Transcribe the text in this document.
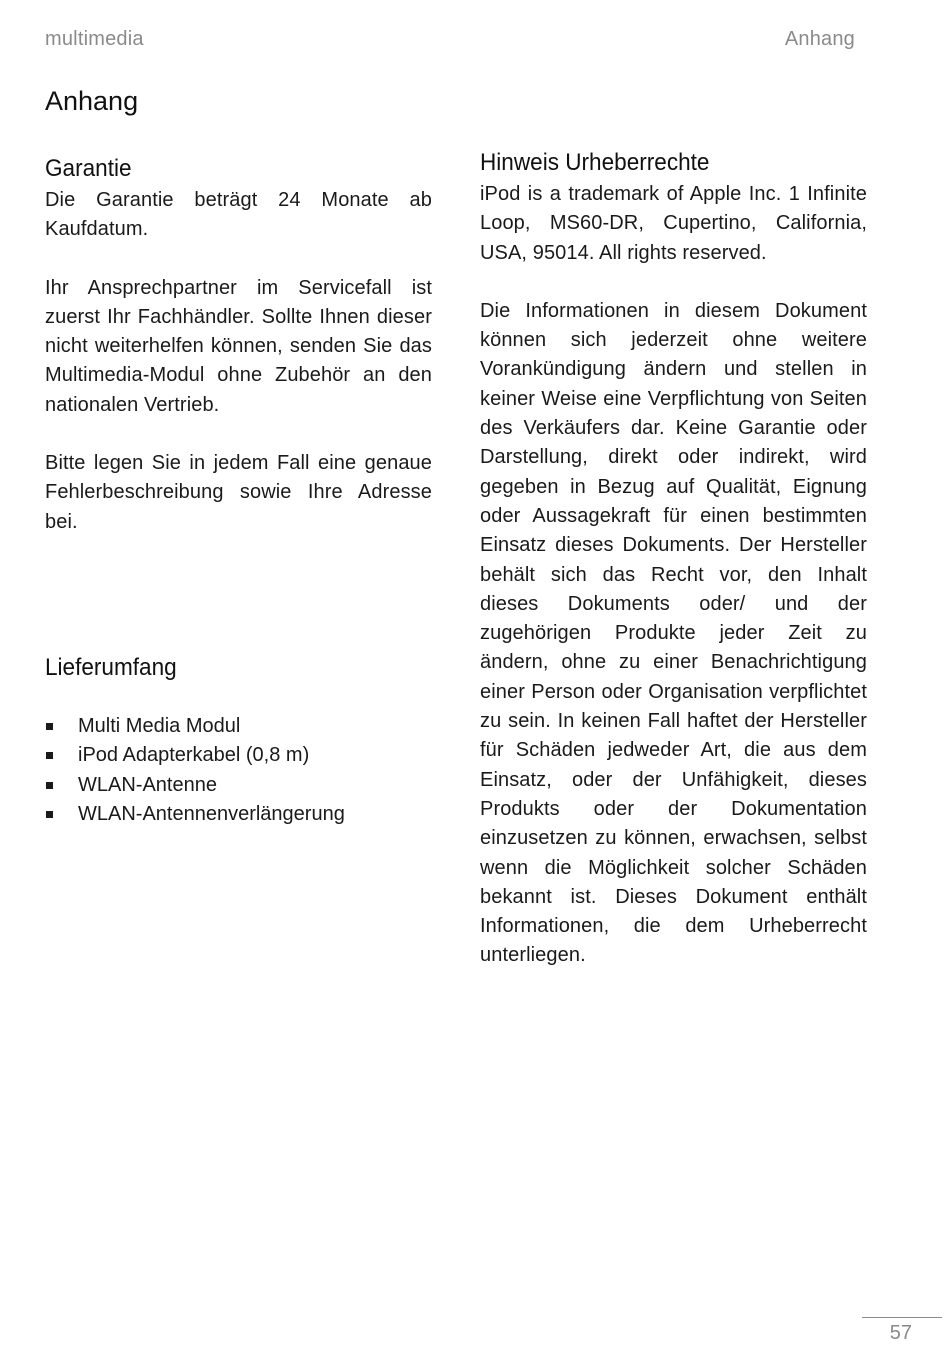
multimedia	Anhang
Anhang
Garantie

Die Garantie beträgt 24 Monate ab Kaufdatum.

Ihr Ansprechpartner im Servicefall ist zuerst Ihr Fachhändler. Sollte Ihnen dieser nicht weiterhelfen können, senden Sie das Multimedia-Modul ohne Zubehör an den nationalen Vertrieb.

Bitte legen Sie in jedem Fall eine genaue Fehlerbeschreibung sowie Ihre Adresse bei.

Lieferumfang
Multi Media Modul
iPod Adapterkabel (0,8 m)
WLAN-Antenne
WLAN-Antennenverlängerung
Hinweis Urheberrechte

iPod is a trademark of Apple Inc. 1 Infinite Loop, MS60-DR, Cupertino, California, USA, 95014. All rights reserved.

Die Informationen in diesem Dokument können sich jederzeit ohne weitere Vorankündigung ändern und stellen in keiner Weise eine Verpflichtung von Seiten des Verkäufers dar. Keine Garantie oder Darstellung, direkt oder indirekt, wird gegeben in Bezug auf Qualität, Eignung oder Aussagekraft für einen bestimmten Einsatz dieses Dokuments. Der Hersteller behält sich das Recht vor, den Inhalt dieses Dokuments oder/ und der zugehörigen Produkte jeder Zeit zu ändern, ohne zu einer Benachrichtigung einer Person oder Organisation verpflichtet zu sein. In keinen Fall haftet der Hersteller für Schäden jedweder Art, die aus dem Einsatz, oder der Unfähigkeit, dieses Produkts oder der Dokumentation einzusetzen zu können, erwachsen, selbst wenn die Möglichkeit solcher Schäden bekannt ist. Dieses Dokument enthält Informationen, die dem Urheberrecht unterliegen.

57
